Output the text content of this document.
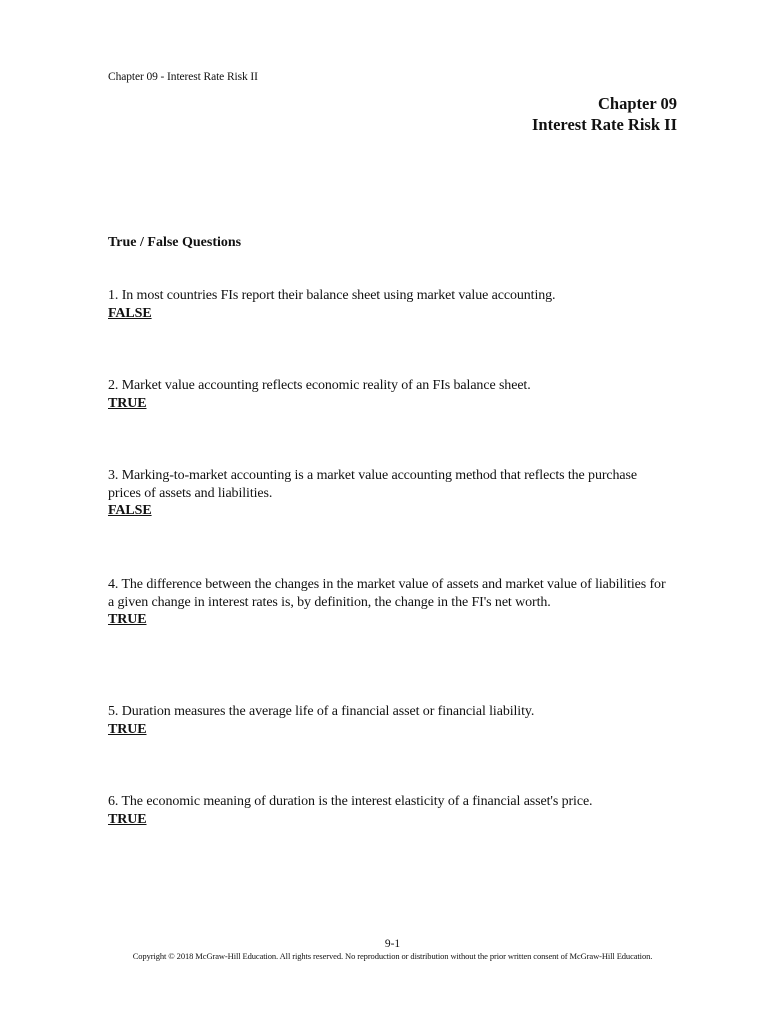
Chapter 09 - Interest Rate Risk II
Chapter 09
Interest Rate Risk II
True / False Questions
1. In most countries FIs report their balance sheet using market value accounting.
FALSE
2. Market value accounting reflects economic reality of an FIs balance sheet.
TRUE
3. Marking-to-market accounting is a market value accounting method that reflects the purchase prices of assets and liabilities.
FALSE
4. The difference between the changes in the market value of assets and market value of liabilities for a given change in interest rates is, by definition, the change in the FI's net worth.
TRUE
5. Duration measures the average life of a financial asset or financial liability.
TRUE
6. The economic meaning of duration is the interest elasticity of a financial asset's price.
TRUE
9-1
Copyright © 2018 McGraw-Hill Education. All rights reserved. No reproduction or distribution without the prior written consent of McGraw-Hill Education.
